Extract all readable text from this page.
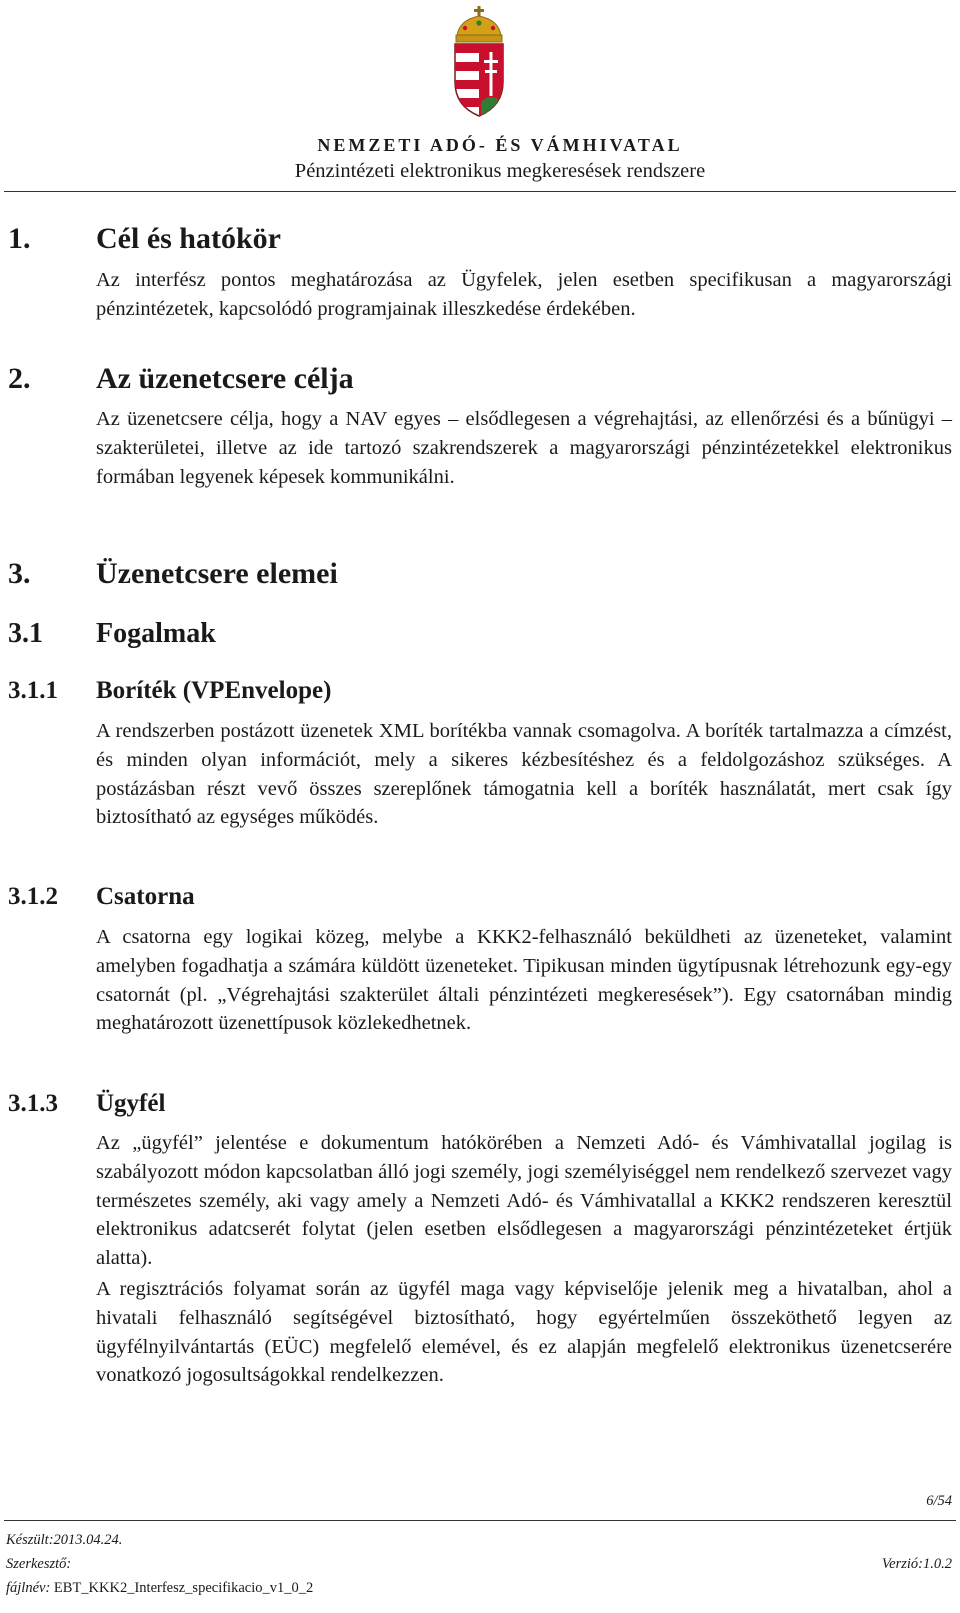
NEMZETI ADÓ- ÉS VÁMHIVATAL
Pénzintézeti elektronikus megkeresések rendszere
1. Cél és hatókör
Az interfész pontos meghatározása az Ügyfelek, jelen esetben specifikusan a magyarországi pénzintézetek, kapcsolódó programjainak illeszkedése érdekében.
2. Az üzenetcsere célja
Az üzenetcsere célja, hogy a NAV egyes – elsődlegesen a végrehajtási, az ellenőrzési és a bűnügyi – szakterületei, illetve az ide tartozó szakrendszerek a magyarországi pénzintézetekkel elektronikus formában legyenek képesek kommunikálni.
3. Üzenetcsere elemei
3.1 Fogalmak
3.1.1 Boríték (VPEnvelope)
A rendszerben postázott üzenetek XML borítékba vannak csomagolva. A boríték tartalmazza a címzést, és minden olyan információt, mely a sikeres kézbesítéshez és a feldolgozáshoz szükséges. A postázásban részt vevő összes szereplőnek támogatnia kell a boríték használatát, mert csak így biztosítható az egységes működés.
3.1.2 Csatorna
A csatorna egy logikai közeg, melybe a KKK2-felhasználó beküldheti az üzeneteket, valamint amelyben fogadhatja a számára küldött üzeneteket. Tipikusan minden ügytípusnak létrehozunk egy-egy csatornát (pl. „Végrehajtási szakterület általi pénzintézeti megkeresések”). Egy csatornában mindig meghatározott üzenettípusok közlekedhetnek.
3.1.3 Ügyfél
Az „ügyfél” jelentése e dokumentum hatókörében a Nemzeti Adó- és Vámhivatallal jogilag is szabályozott módon kapcsolatban álló jogi személy, jogi személyiséggel nem rendelkező szervezet vagy természetes személy, aki vagy amely a Nemzeti Adó- és Vámhivatallal a KKK2 rendszeren keresztül elektronikus adatcserét folytat (jelen esetben elsődlegesen a magyarországi pénzintézeteket értjük alatta).
A regisztrációs folyamat során az ügyfél maga vagy képviselője jelenik meg a hivatalban, ahol a hivatali felhasználó segítségével biztosítható, hogy egyértelműen összeköthető legyen az ügyfélnyilvántartás (EÜC) megfelelő elemével, és ez alapján megfelelő elektronikus üzenetcserére vonatkozó jogosultságokkal rendelkezzen.
6/54
Készült:2013.04.24.
Szerkesztő:	Verzió:1.0.2
fájlnév: EBT_KKK2_Interfesz_specifikacio_v1_0_2
